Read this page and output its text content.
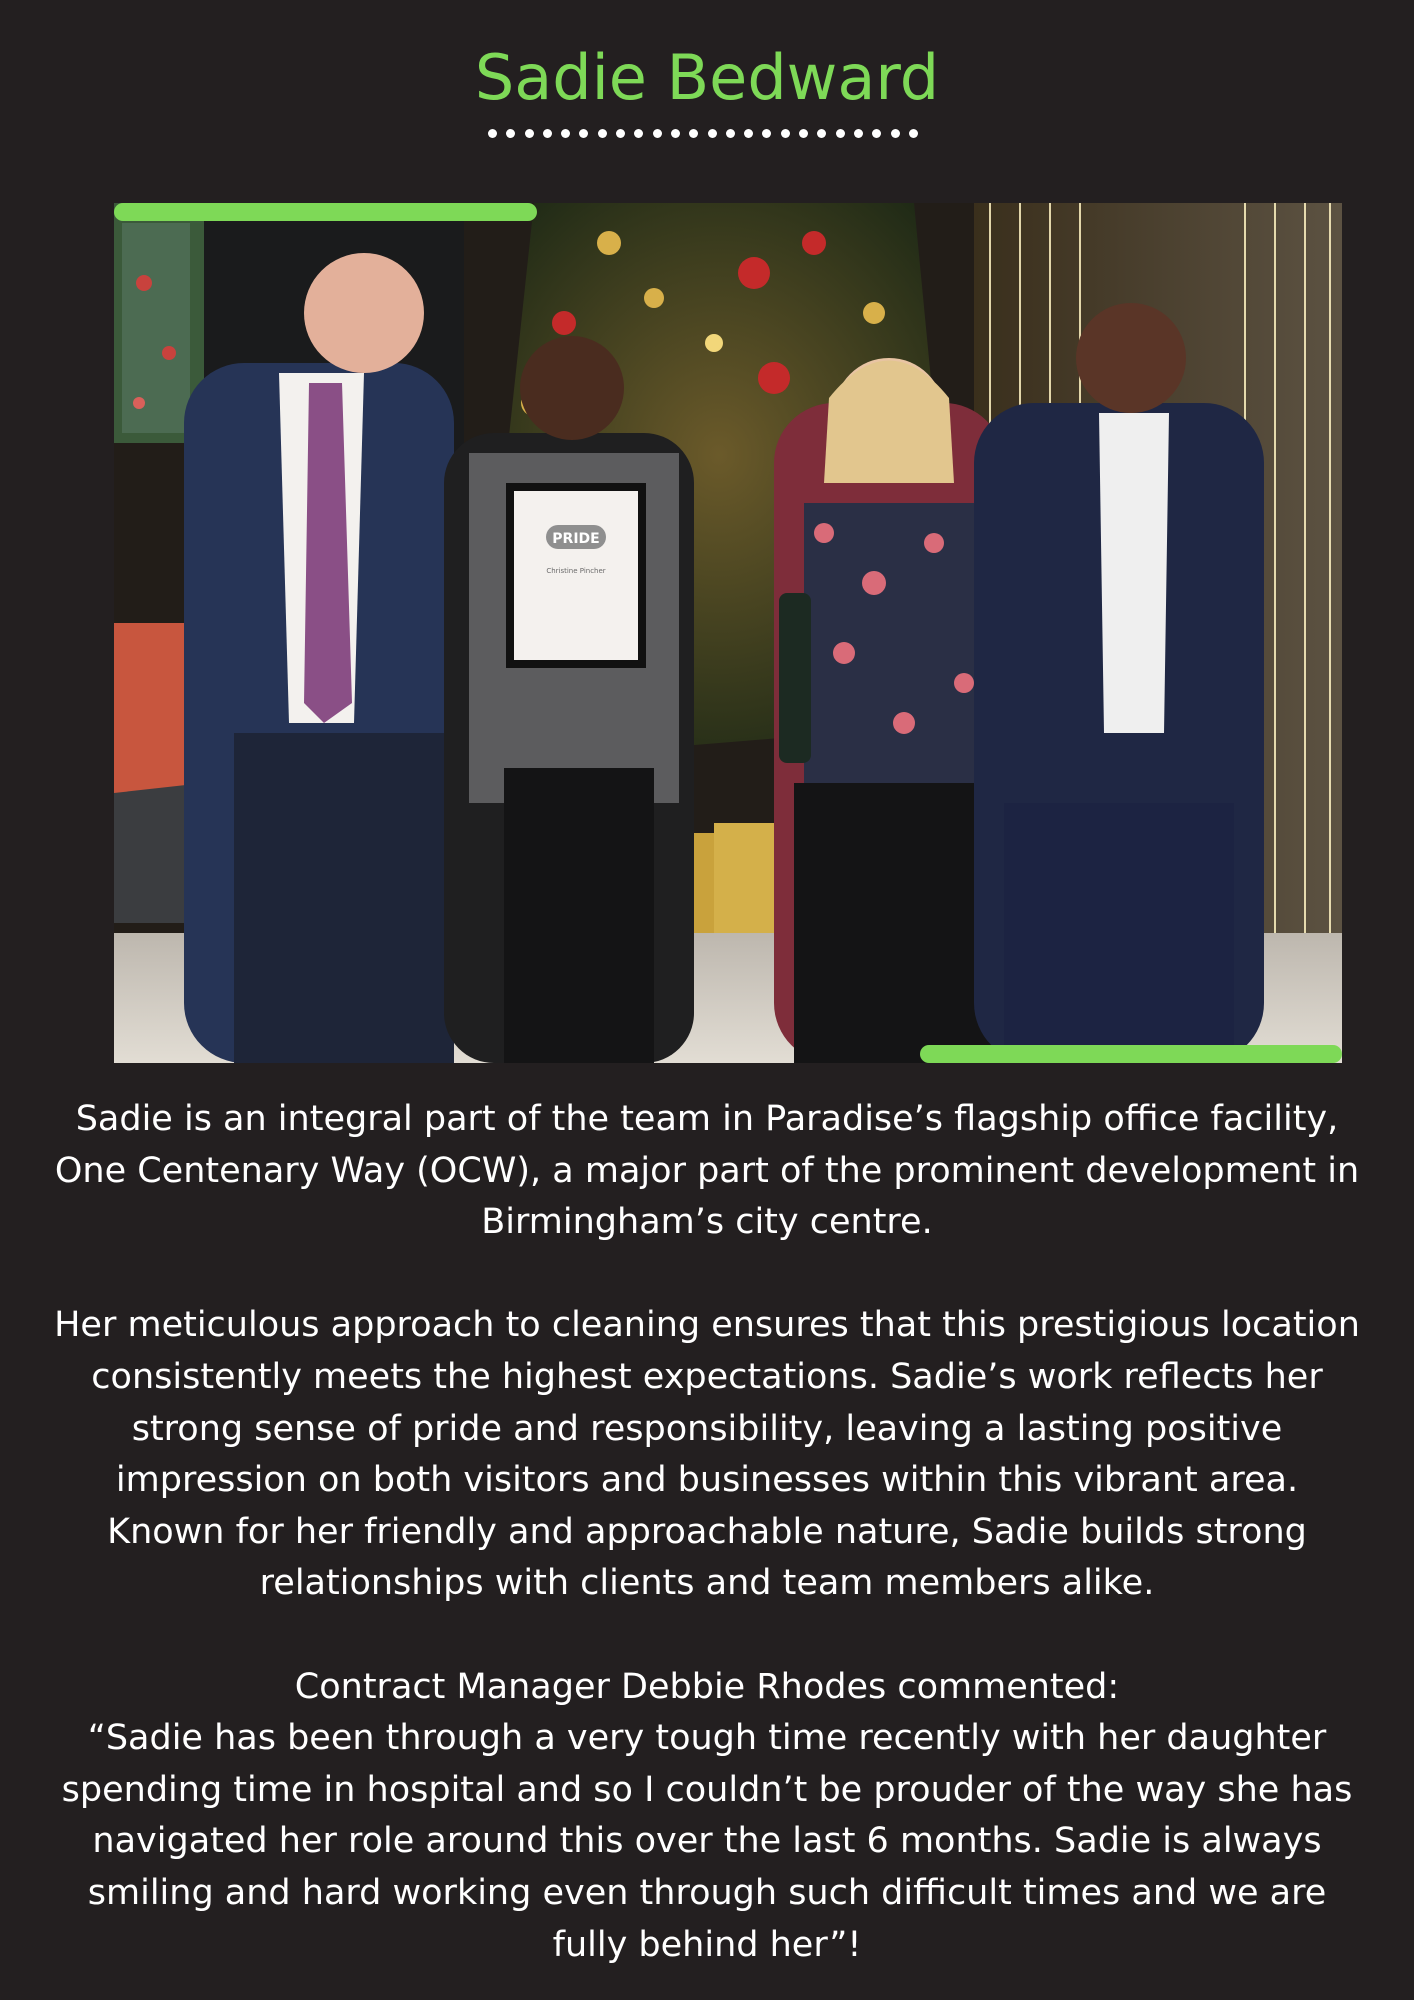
Sadie Bedward
PRIDE
Christine Pincher

Sadie is an integral part of the team in Paradise’s flagship office facility, One Centenary Way (OCW), a major part of the prominent development in Birmingham’s city centre.

Her meticulous approach to cleaning ensures that this prestigious location consistently meets the highest expectations. Sadie’s work reflects her strong sense of pride and responsibility, leaving a lasting positive impression on both visitors and businesses within this vibrant area. Known for her friendly and approachable nature, Sadie builds strong relationships with clients and team members alike.

Contract Manager Debbie Rhodes commented:

“Sadie has been through a very tough time recently with her daughter spending time in hospital and so I couldn’t be prouder of the way she has navigated her role around this over the last 6 months. Sadie is always smiling and hard working even through such difficult times and we are fully behind her”!
